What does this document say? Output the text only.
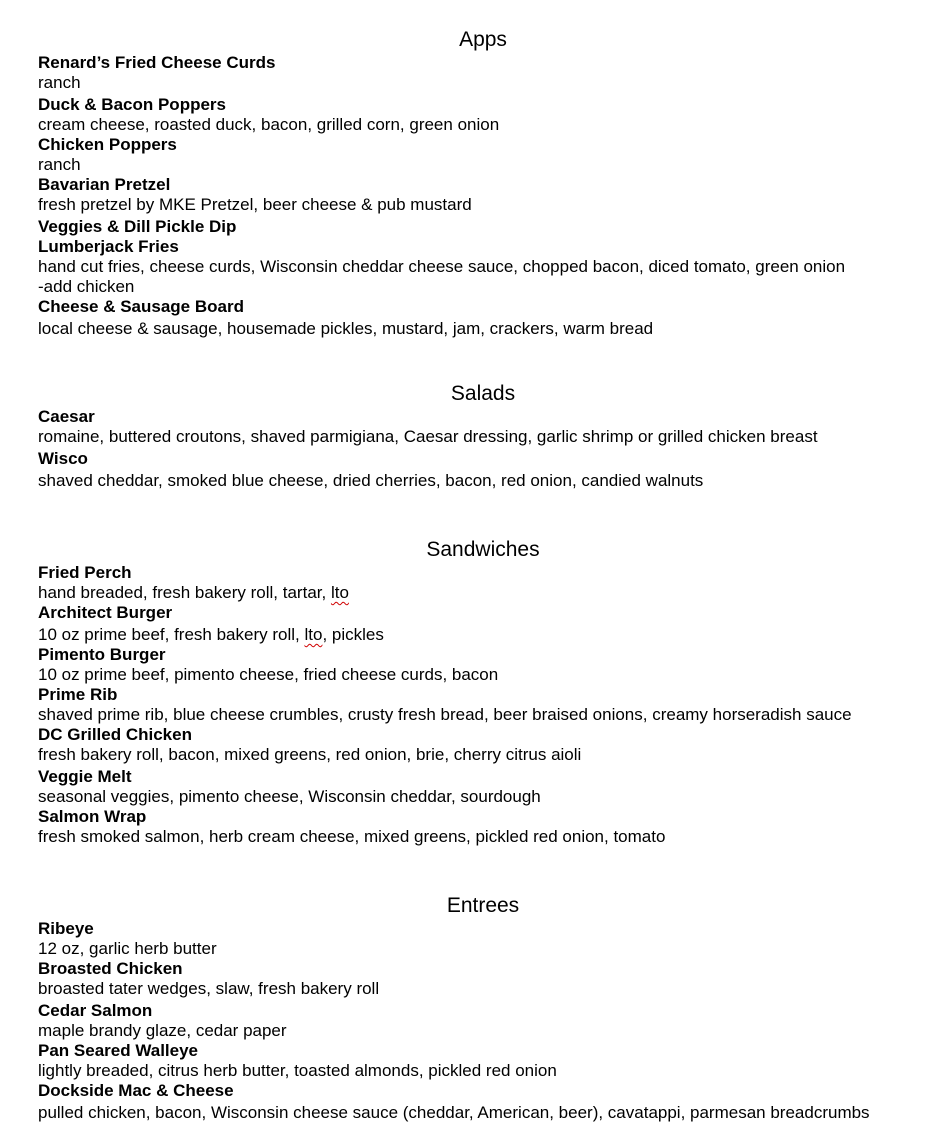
Apps
Renard’s Fried Cheese Curds
ranch
Duck & Bacon Poppers
cream cheese, roasted duck, bacon, grilled corn, green onion
Chicken Poppers
ranch
Bavarian Pretzel
fresh pretzel by MKE Pretzel, beer cheese & pub mustard
Veggies & Dill Pickle Dip
Lumberjack Fries
hand cut fries, cheese curds, Wisconsin cheddar cheese sauce, chopped bacon, diced tomato, green onion
-add chicken
Cheese & Sausage Board
local cheese & sausage, housemade pickles, mustard, jam, crackers, warm bread
Salads
Caesar
romaine, buttered croutons, shaved parmigiana, Caesar dressing, garlic shrimp or grilled chicken breast
Wisco
shaved cheddar, smoked blue cheese, dried cherries, bacon, red onion, candied walnuts
Sandwiches
Fried Perch
hand breaded, fresh bakery roll, tartar, lto
Architect Burger
10 oz prime beef, fresh bakery roll, lto, pickles
Pimento Burger
10 oz prime beef, pimento cheese, fried cheese curds, bacon
Prime Rib
shaved prime rib, blue cheese crumbles, crusty fresh bread, beer braised onions, creamy horseradish sauce
DC Grilled Chicken
fresh bakery roll, bacon, mixed greens, red onion, brie, cherry citrus aioli
Veggie Melt
seasonal veggies, pimento cheese, Wisconsin cheddar, sourdough
Salmon Wrap
fresh smoked salmon, herb cream cheese, mixed greens, pickled red onion, tomato
Entrees
Ribeye
12 oz, garlic herb butter
Broasted Chicken
broasted tater wedges, slaw, fresh bakery roll
Cedar Salmon
maple brandy glaze, cedar paper
Pan Seared Walleye
lightly breaded, citrus herb butter, toasted almonds, pickled red onion
Dockside Mac & Cheese
pulled chicken, bacon, Wisconsin cheese sauce (cheddar, American, beer), cavatappi, parmesan breadcrumbs
